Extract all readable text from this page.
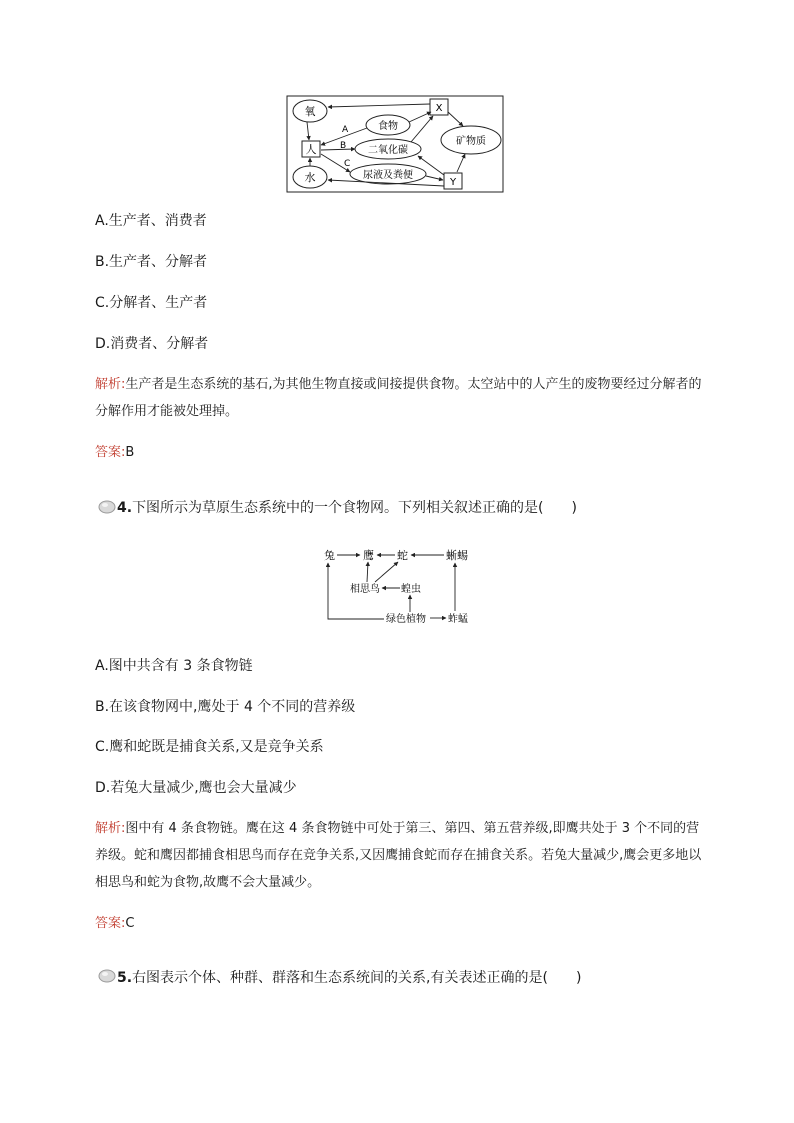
氧
人
水
食物
二氧化碳
尿液及粪便
X
Y
矿物质
A
B
C
A.生产者、消费者
B.生产者、分解者
C.分解者、生产者
D.消费者、分解者
解析:生产者是生态系统的基石,为其他生物直接或间接提供食物。太空站中的人产生的废物要经过分解者的分解作用才能被处理掉。
答案:B
4.下图所示为草原生态系统中的一个食物网。下列相关叙述正确的是(　　)
兔	鹰 蛇	蜥蜴
相思鸟 蝗虫
绿色植物 蚱蜢
A.图中共含有 3 条食物链
B.在该食物网中,鹰处于 4 个不同的营养级
C.鹰和蛇既是捕食关系,又是竞争关系
D.若兔大量减少,鹰也会大量减少
解析:图中有 4 条食物链。鹰在这 4 条食物链中可处于第三、第四、第五营养级,即鹰共处于 3 个不同的营养级。蛇和鹰因都捕食相思鸟而存在竞争关系,又因鹰捕食蛇而存在捕食关系。若兔大量减少,鹰会更多地以相思鸟和蛇为食物,故鹰不会大量减少。
答案:C
5.右图表示个体、种群、群落和生态系统间的关系,有关表述正确的是(　　)
